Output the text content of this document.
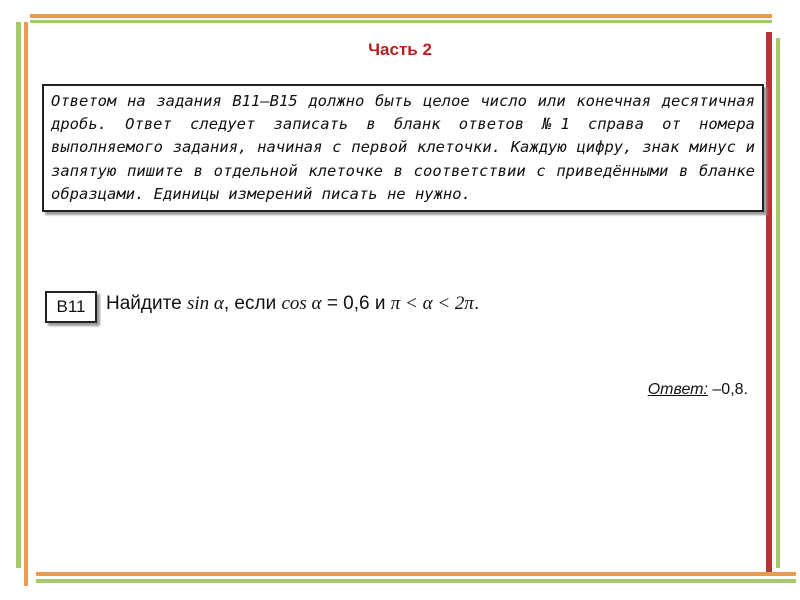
Часть 2
Ответом на задания B11–B15 должно быть целое число или конечная десятичная дробь. Ответ следует записать в бланк ответов №1 справа от номера выполняемого задания, начиная с первой клеточки. Каждую цифру, знак минус и запятую пишите в отдельной клеточке в соответствии с приведёнными в бланке образцами. Единицы измерений писать не нужно.
B11	Найдите sin α, если cos α = 0,6 и π < α < 2π.
Ответ: –0,8.
